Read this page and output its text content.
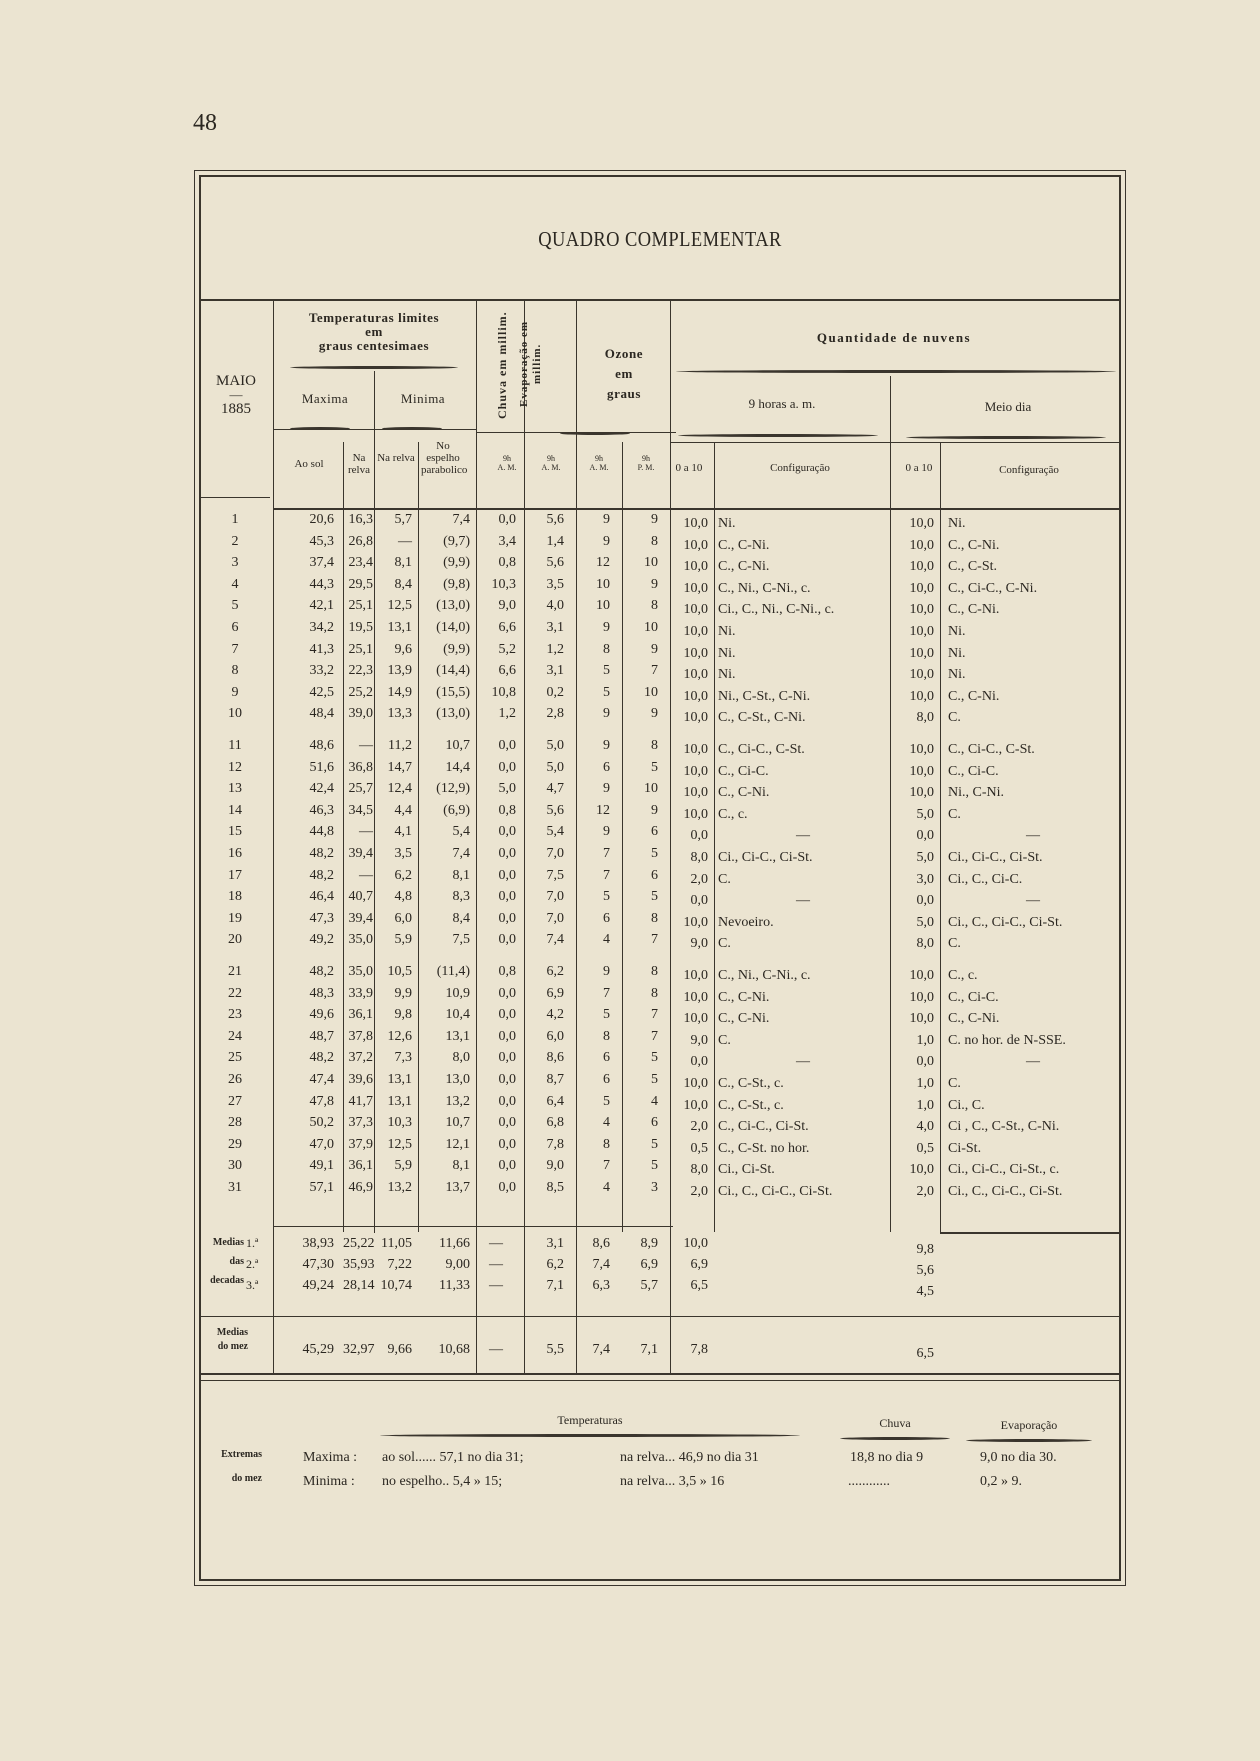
48
QUADRO COMPLEMENTAR
MAIO
—
1885
Temperaturas limites
em
graus centesimaes
Maxima	Minima
Ao sol	Na relva
Na relva
No espelho parabolico
Chuva em millim. Evaporação em millim.	Ozone
em
graus
Quantidade de nuvens
9 horas a. m.	Meio dia
9h
A. M.
9h
A. M.
9h
A. M.
9h
P. M.	0 a 10	Configuração	0 a 10	Configuração
1	20,6	16,3	5,7	7,4	0,0	5,6	9	9	10,0 Ni.	10,0 Ni.
2	45,3	26,8	—	(9,7)	3,4	1,4	9	8	10,0 C., C-Ni.	10,0 C., C-Ni.
3	37,4	23,4	8,1	(9,9)	0,8	5,6	12	10	10,0 C., C-Ni.	10,0 C., C-St.
4	44,3	29,5	8,4	(9,8)	10,3	3,5	10	9	10,0 C., Ni., C-Ni., c.	10,0 C., Ci-C., C-Ni.
5	42,1	25,1	12,5	(13,0)	9,0	4,0	10	8	10,0 Ci., C., Ni., C-Ni., c.	10,0 C., C-Ni.
6	34,2	19,5	13,1	(14,0)	6,6	3,1	9	10	10,0 Ni.	10,0 Ni.
7	41,3	25,1	9,6	(9,9)	5,2	1,2	8	9	10,0 Ni.	10,0 Ni.
8	33,2	22,3	13,9	(14,4)	6,6	3,1	5	7	10,0 Ni.	10,0 Ni.
9	42,5	25,2	14,9	(15,5)	10,8	0,2	5	10	10,0 Ni., C-St., C-Ni.	10,0 C., C-Ni.
10	48,4	39,0	13,3	(13,0)	1,2	2,8	9	9	10,0 C., C-St., C-Ni.	8,0 C.
11	48,6	—	11,2	10,7	0,0	5,0	9	8	10,0 C., Ci-C., C-St.	10,0 C., Ci-C., C-St.
12	51,6	36,8	14,7	14,4	0,0	5,0	6	5	10,0 C., Ci-C.	10,0 C., Ci-C.
13	42,4	25,7	12,4	(12,9)	5,0	4,7	9	10	10,0 C., C-Ni.	10,0 Ni., C-Ni.
14	46,3	34,5	4,4	(6,9)	0,8	5,6	12	9	10,0 C., c.	5,0 C.
15	44,8	—	4,1	5,4	0,0	5,4	9	6	0,0	—	0,0	—
16	48,2	39,4	3,5	7,4	0,0	7,0	7	5	8,0 Ci., Ci-C., Ci-St.	5,0 Ci., Ci-C., Ci-St.
17	48,2	—	6,2	8,1	0,0	7,5	7	6	2,0 C.	3,0 Ci., C., Ci-C.
18	46,4	40,7	4,8	8,3	0,0	7,0	5	5	0,0	—	0,0	—
19	47,3	39,4	6,0	8,4	0,0	7,0	6	8	10,0 Nevoeiro.	5,0 Ci., C., Ci-C., Ci-St.
20	49,2	35,0	5,9	7,5	0,0	7,4	4	7	9,0 C.	8,0 C.
21	48,2	35,0	10,5	(11,4)	0,8	6,2	9	8	10,0 C., Ni., C-Ni., c.	10,0 C., c.
22	48,3	33,9	9,9	10,9	0,0	6,9	7	8	10,0 C., C-Ni.	10,0 C., Ci-C.
23	49,6	36,1	9,8	10,4	0,0	4,2	5	7	10,0 C., C-Ni.	10,0 C., C-Ni.
24	48,7	37,8	12,6	13,1	0,0	6,0	8	7	9,0 C.	1,0 C. no hor. de N-SSE.
25	48,2	37,2	7,3	8,0	0,0	8,6	6	5	0,0	—	0,0	—
26	47,4	39,6	13,1	13,0	0,0	8,7	6	5	10,0 C., C-St., c.	1,0 C.
27	47,8	41,7	13,1	13,2	0,0	6,4	5	4	10,0 C., C-St., c.	1,0 Ci., C.
28	50,2	37,3	10,3	10,7	0,0	6,8	4	6	2,0 C., Ci-C., Ci-St.	4,0 Ci , C., C-St., C-Ni.
29	47,0	37,9	12,5	12,1	0,0	7,8	8	5	0,5 C., C-St. no hor.	0,5 Ci-St.
30	49,1	36,1	5,9	8,1	0,0	9,0	7	5	8,0 Ci., Ci-St.	10,0 Ci., Ci-C., Ci-St., c.
31	57,1	46,9	13,2	13,7	0,0	8,5	4	3	2,0 Ci., C., Ci-C., Ci-St.	2,0 Ci., C., Ci-C., Ci-St.
1.ª	38,93 25,22 11,05	11,66	—	3,1	8,6	8,9	10,0	9,8
2.ª	47,30 35,93 7,22	9,00	—	6,2	7,4	6,9	6,9	5,6
3.ª	49,24 28,14 10,74	11,33	—	7,1	6,3	5,7	6,5	4,5
45,29 32,97 9,66	10,68	—	5,5	7,4	7,1	7,8	6,5
Medias
das
decadas
Medias
do mez
Extremas
do mez
Temperaturas	Chuva	Evaporação
Maxima :
Minima :
ao sol...... 57,1 no dia 31;	na relva... 46,9 no dia 31
no espelho.. 5,4 » 15;	na relva... 3,5 » 16
18,8 no dia 9
............
9,0 no dia 30.
0,2 » 9.
